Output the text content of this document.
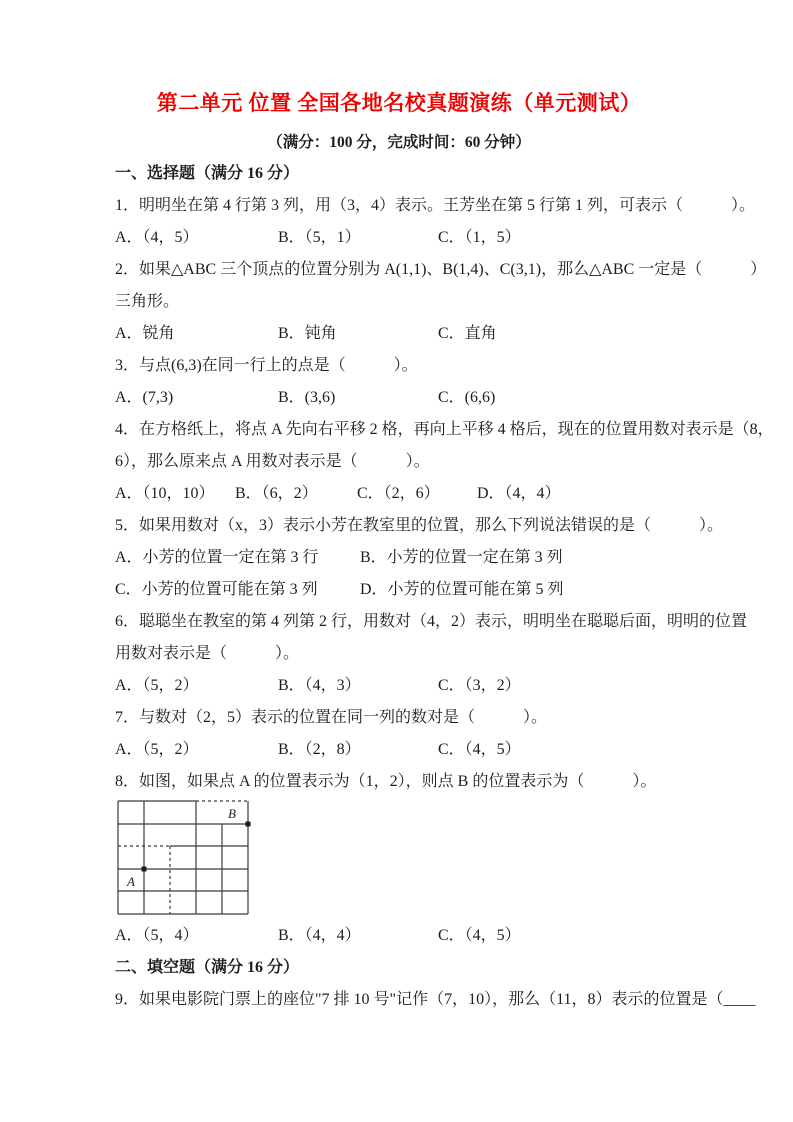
第二单元 位置 全国各地名校真题演练（单元测试）
（满分：100 分，完成时间：60 分钟）
一、选择题（满分 16 分）

1．明明坐在第 4 行第 3 列，用（3，4）表示。王芳坐在第 5 行第 1 列，可表示（　　　）。

A．（4，5）	B．（5，1）	C．（1，5）

2．如果△ABC 三个顶点的位置分别为 A(1,1)、B(1,4)、C(3,1)，那么△ABC 一定是（　　　）

三角形。

A．锐角	B．钝角	C．直角

3．与点(6,3)在同一行上的点是（　　　）。

A．(7,3)	B．(3,6)	C．(6,6)

4．在方格纸上，将点 A 先向右平移 2 格，再向上平移 4 格后，现在的位置用数对表示是（8，

6），那么原来点 A 用数对表示是（　　　）。

A．（10，10）	B．（6，2）	C．（2，6）	D．（4，4）

5．如果用数对（x，3）表示小芳在教室里的位置，那么下列说法错误的是（　　　）。

A．小芳的位置一定在第 3 行	B．小芳的位置一定在第 3 列
C．小芳的位置可能在第 3 列	D．小芳的位置可能在第 5 列

6．聪聪坐在教室的第 4 列第 2 行，用数对（4，2）表示，明明坐在聪聪后面，明明的位置

用数对表示是（　　　）。

A．（5，2）	B．（4，3）	C．（3，2）

7．与数对（2，5）表示的位置在同一列的数对是（　　　）。

A．（5，2）	B．（2，8）	C．（4，5）

8．如图，如果点 A 的位置表示为（1，2），则点 B 的位置表示为（　　　）。

A
B
A．（5，4）	B．（4，4）	C．（4，5）
二、填空题（满分 16 分）

9．如果电影院门票上的座位"7 排 10 号"记作（7，10），那么（11，8）表示的位置是（____
